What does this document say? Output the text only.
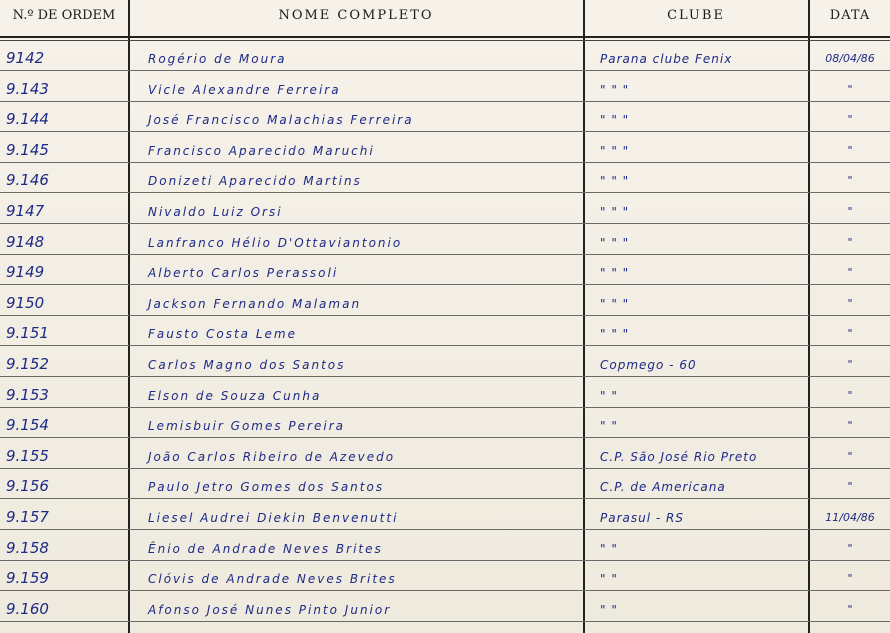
N.º DE ORDEM	NOME COMPLETO	CLUBE	DATA
9142	Rogério de Moura	Parana clube Fenix	08/04/86
9.143	Vicle Alexandre Ferreira	" " "	"
9.144	José Francisco Malachias Ferreira	" " "	"
9.145	Francisco Aparecido Maruchi	" " "	"
9.146	Donizeti Aparecido Martins	" " "	"
9147	Nivaldo Luiz Orsi	" " "	"
9148	Lanfranco Hélio D'Ottaviantonio	" " "	"
9149	Alberto Carlos Perassoli	" " "	"
9150	Jackson Fernando Malaman	" " "	"
9.151	Fausto Costa Leme	" " "	"
9.152	Carlos Magno dos Santos	Copmego - 60	"
9.153	Elson de Souza Cunha	" "	"
9.154	Lemisbuir Gomes Pereira	" "	"
9.155	João Carlos Ribeiro de Azevedo	C.P. São José Rio Preto	"
9.156	Paulo Jetro Gomes dos Santos	C.P. de Americana	"
9.157	Liesel Audrei Diekin Benvenutti	Parasul - RS	11/04/86
9.158	Ênio de Andrade Neves Brites	" "	"
9.159	Clóvis de Andrade Neves Brites	" "	"
9.160	Afonso José Nunes Pinto Junior	" "	"
